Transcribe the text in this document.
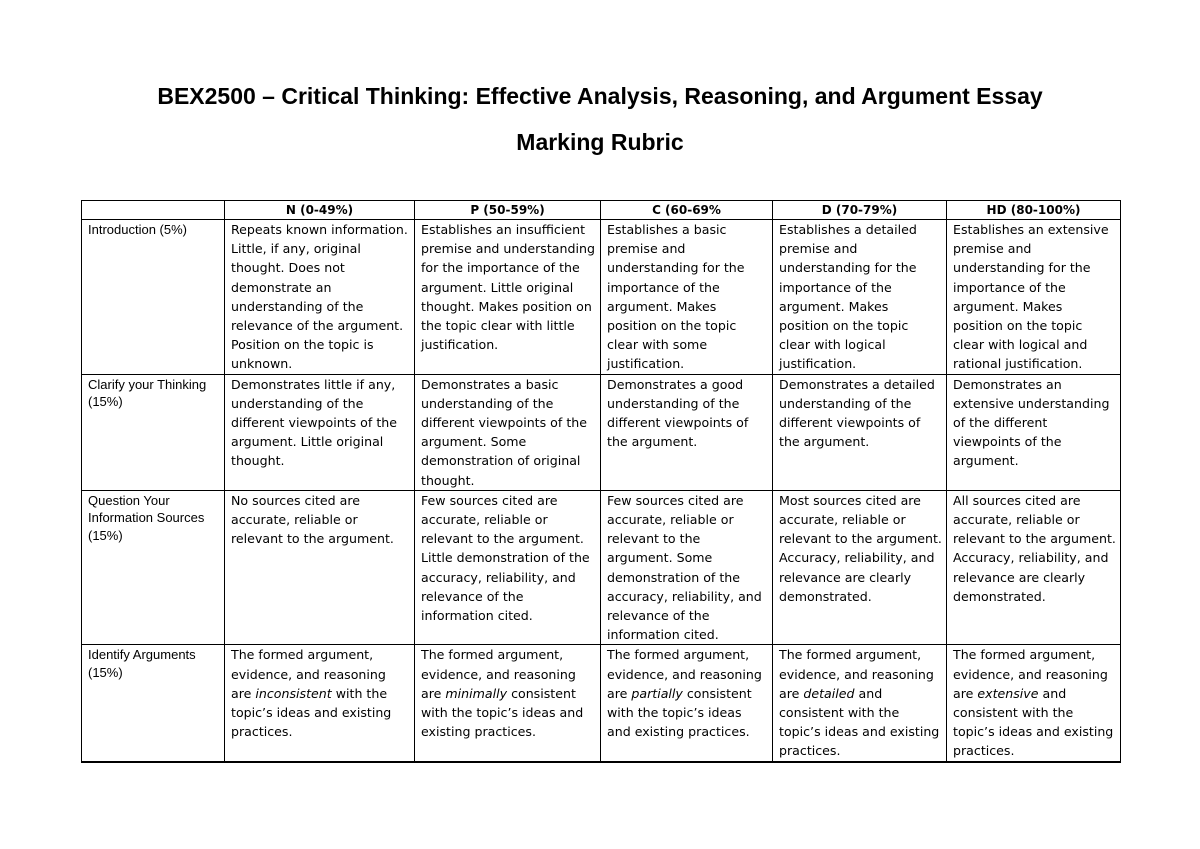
BEX2500 – Critical Thinking: Effective Analysis, Reasoning, and Argument Essay
Marking Rubric
	N (0-49%)	P (50-59%)	C (60-69%	D (70-79%)	HD (80-100%)
Introduction (5%)	Repeats known information. Little, if any, original thought. Does not demonstrate an understanding of the relevance of the argument. Position on the topic is unknown.	Establishes an insufficient premise and understanding for the importance of the argument. Little original thought. Makes position on the topic clear with little justification.	Establishes a basic premise and understanding for the importance of the argument. Makes position on the topic clear with some justification.	Establishes a detailed premise and understanding for the importance of the argument. Makes position on the topic clear with logical justification.	Establishes an extensive premise and understanding for the importance of the argument. Makes position on the topic clear with logical and rational justification.
Clarify your Thinking (15%)	Demonstrates little if any, understanding of the different viewpoints of the argument. Little original thought.	Demonstrates a basic understanding of the different viewpoints of the argument. Some demonstration of original thought.	Demonstrates a good understanding of the different viewpoints of the argument.	Demonstrates a detailed understanding of the different viewpoints of the argument.	Demonstrates an extensive understanding of the different viewpoints of the argument.
Question Your Information Sources (15%)	No sources cited are accurate, reliable or relevant to the argument.	Few sources cited are accurate, reliable or relevant to the argument. Little demonstration of the accuracy, reliability, and relevance of the information cited.	Few sources cited are accurate, reliable or relevant to the argument. Some demonstration of the accuracy, reliability, and relevance of the information cited.	Most sources cited are accurate, reliable or relevant to the argument. Accuracy, reliability, and relevance are clearly demonstrated.	All sources cited are accurate, reliable or relevant to the argument. Accuracy, reliability, and relevance are clearly demonstrated.
Identify Arguments (15%)	The formed argument, evidence, and reasoning are inconsistent with the topic’s ideas and existing practices.	The formed argument, evidence, and reasoning are minimally consistent with the topic’s ideas and existing practices.	The formed argument, evidence, and reasoning are partially consistent with the topic’s ideas and existing practices.	The formed argument, evidence, and reasoning are detailed and consistent with the topic’s ideas and existing practices.	The formed argument, evidence, and reasoning are extensive and consistent with the topic’s ideas and existing practices.
